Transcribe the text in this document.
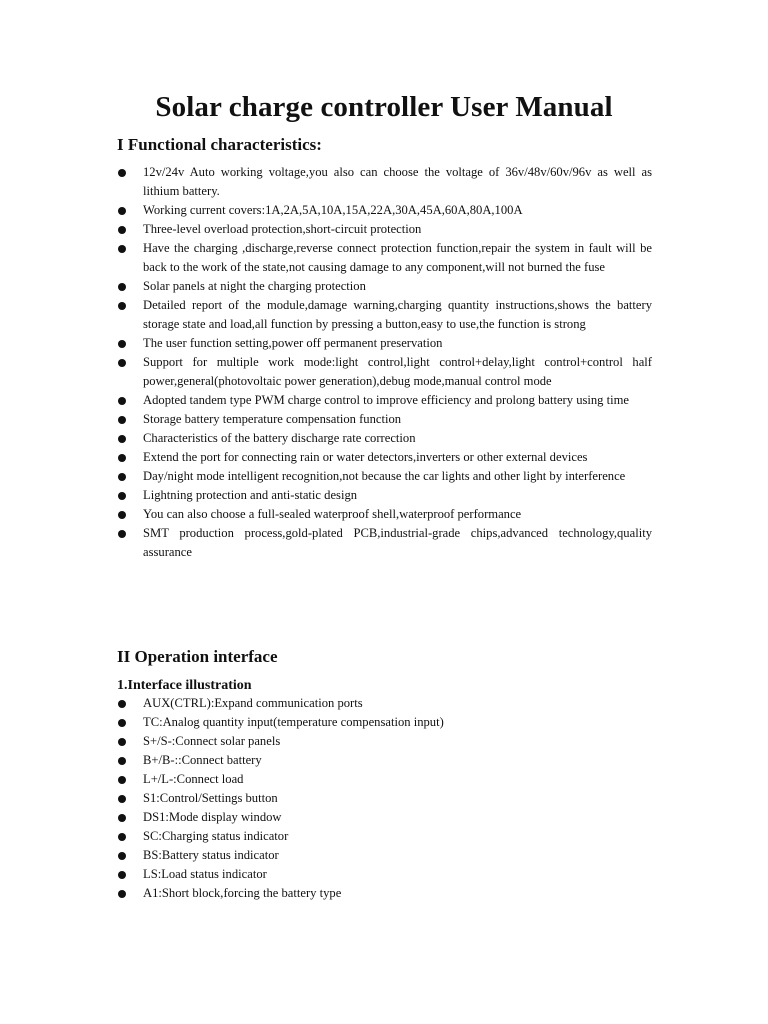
Solar charge controller User Manual
I Functional characteristics:
12v/24v Auto working voltage,you also can choose the voltage of 36v/48v/60v/96v as well as lithium battery.
Working current covers:1A,2A,5A,10A,15A,22A,30A,45A,60A,80A,100A
Three-level overload protection,short-circuit protection
Have the charging ,discharge,reverse connect protection function,repair the system in fault will be back to the work of the state,not causing damage to any component,will not burned the fuse
Solar panels at night the charging protection
Detailed report of the module,damage warning,charging quantity instructions,shows the battery storage state and load,all function by pressing a button,easy to use,the function is strong
The user function setting,power off permanent preservation
Support for multiple work mode:light control,light control+delay,light control+control half power,general(photovoltaic power generation),debug mode,manual control mode
Adopted tandem type PWM charge control to improve efficiency and prolong battery using time
Storage battery temperature compensation function
Characteristics of the battery discharge rate correction
Extend the port for connecting rain or water detectors,inverters or other external devices
Day/night mode intelligent recognition,not because the car lights and other light by interference
Lightning protection and anti-static design
You can also choose a full-sealed waterproof shell,waterproof performance
SMT production process,gold-plated PCB,industrial-grade chips,advanced technology,quality assurance
II Operation interface
1.Interface illustration
AUX(CTRL):Expand communication ports
TC:Analog quantity input(temperature compensation input)
S+/S-:Connect solar panels
B+/B-::Connect battery
L+/L-:Connect load
S1:Control/Settings button
DS1:Mode display window
SC:Charging status indicator
BS:Battery status indicator
LS:Load status indicator
A1:Short block,forcing the battery type
